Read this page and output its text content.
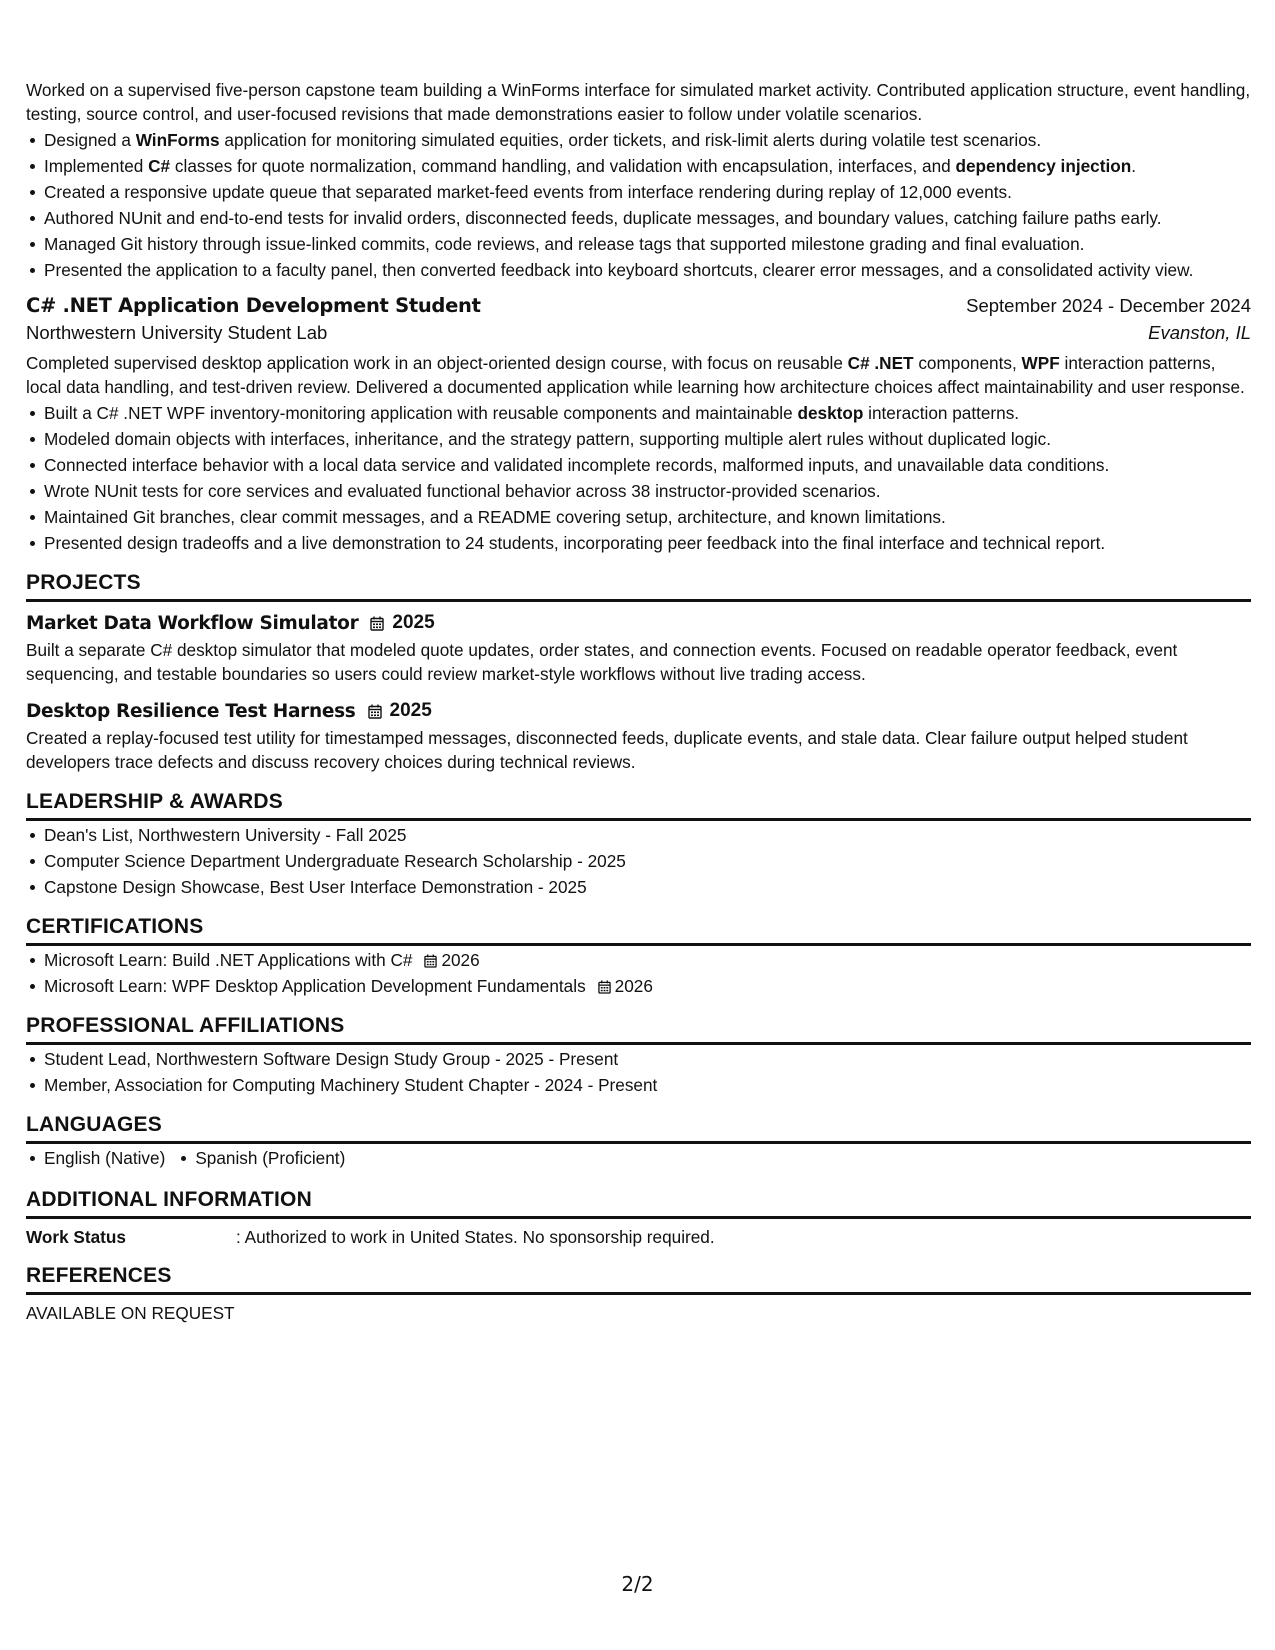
Worked on a supervised five-person capstone team building a WinForms interface for simulated market activity. Contributed application structure, event handling, testing, source control, and user-focused revisions that made demonstrations easier to follow under volatile scenarios.

Designed a WinForms application for monitoring simulated equities, order tickets, and risk-limit alerts during volatile test scenarios.
Implemented C# classes for quote normalization, command handling, and validation with encapsulation, interfaces, and dependency injection.
Created a responsive update queue that separated market-feed events from interface rendering during replay of 12,000 events.
Authored NUnit and end-to-end tests for invalid orders, disconnected feeds, duplicate messages, and boundary values, catching failure paths early.
Managed Git history through issue-linked commits, code reviews, and release tags that supported milestone grading and final evaluation.
Presented the application to a faculty panel, then converted feedback into keyboard shortcuts, clearer error messages, and a consolidated activity view.
C# .NET Application Development Student	September 2024 - December 2024
Northwestern University Student Lab	Evanston, IL

Completed supervised desktop application work in an object-oriented design course, with focus on reusable C# .NET components, WPF interaction patterns, local data handling, and test-driven review. Delivered a documented application while learning how architecture choices affect maintainability and user response.

Built a C# .NET WPF inventory-monitoring application with reusable components and maintainable desktop interaction patterns.
Modeled domain objects with interfaces, inheritance, and the strategy pattern, supporting multiple alert rules without duplicated logic.
Connected interface behavior with a local data service and validated incomplete records, malformed inputs, and unavailable data conditions.
Wrote NUnit tests for core services and evaluated functional behavior across 38 instructor-provided scenarios.
Maintained Git branches, clear commit messages, and a README covering setup, architecture, and known limitations.
Presented design tradeoffs and a live demonstration to 24 students, incorporating peer feedback into the final interface and technical report.
PROJECTS
Market Data Workflow Simulator 2025

Built a separate C# desktop simulator that modeled quote updates, order states, and connection events. Focused on readable operator feedback, event sequencing, and testable boundaries so users could review market-style workflows without live trading access.

Desktop Resilience Test Harness 2025

Created a replay-focused test utility for timestamped messages, disconnected feeds, duplicate events, and stale data. Clear failure output helped student developers trace defects and discuss recovery choices during technical reviews.

LEADERSHIP & AWARDS
Dean's List, Northwestern University - Fall 2025
Computer Science Department Undergraduate Research Scholarship - 2025
Capstone Design Showcase, Best User Interface Demonstration - 2025
CERTIFICATIONS
Microsoft Learn: Build .NET Applications with C# 2026
Microsoft Learn: WPF Desktop Application Development Fundamentals 2026
PROFESSIONAL AFFILIATIONS
Student Lead, Northwestern Software Design Study Group - 2025 - Present
Member, Association for Computing Machinery Student Chapter - 2024 - Present
LANGUAGES
English (Native) Spanish (Proficient)
ADDITIONAL INFORMATION
Work Status	: Authorized to work in United States. No sponsorship required.
REFERENCES
AVAILABLE ON REQUEST
2/2
